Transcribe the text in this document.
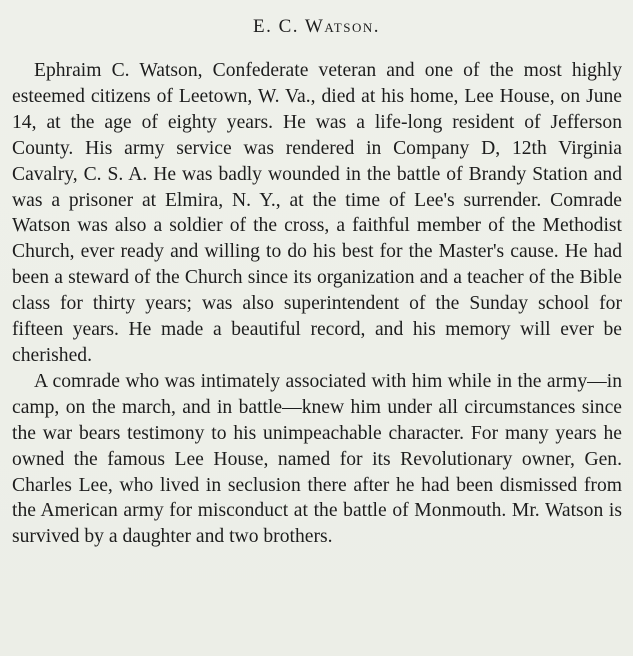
E. C. Watson.

Ephraim C. Watson, Confederate veteran and one of the most highly esteemed citizens of Leetown, W. Va., died at his home, Lee House, on June 14, at the age of eighty years. He was a life-long resident of Jefferson County. His army service was rendered in Company D, 12th Virginia Cavalry, C. S. A. He was badly wounded in the battle of Brandy Station and was a prisoner at Elmira, N. Y., at the time of Lee's surrender. Comrade Watson was also a soldier of the cross, a faithful member of the Methodist Church, ever ready and willing to do his best for the Master's cause. He had been a steward of the Church since its organization and a teacher of the Bible class for thirty years; was also superintendent of the Sunday school for fifteen years. He made a beautiful record, and his memory will ever be cherished.

A comrade who was intimately associated with him while in the army—in camp, on the march, and in battle—knew him under all circumstances since the war bears testimony to his unimpeachable character. For many years he owned the famous Lee House, named for its Revolutionary owner, Gen. Charles Lee, who lived in seclusion there after he had been dismissed from the American army for misconduct at the battle of Monmouth. Mr. Watson is survived by a daughter and two brothers.
